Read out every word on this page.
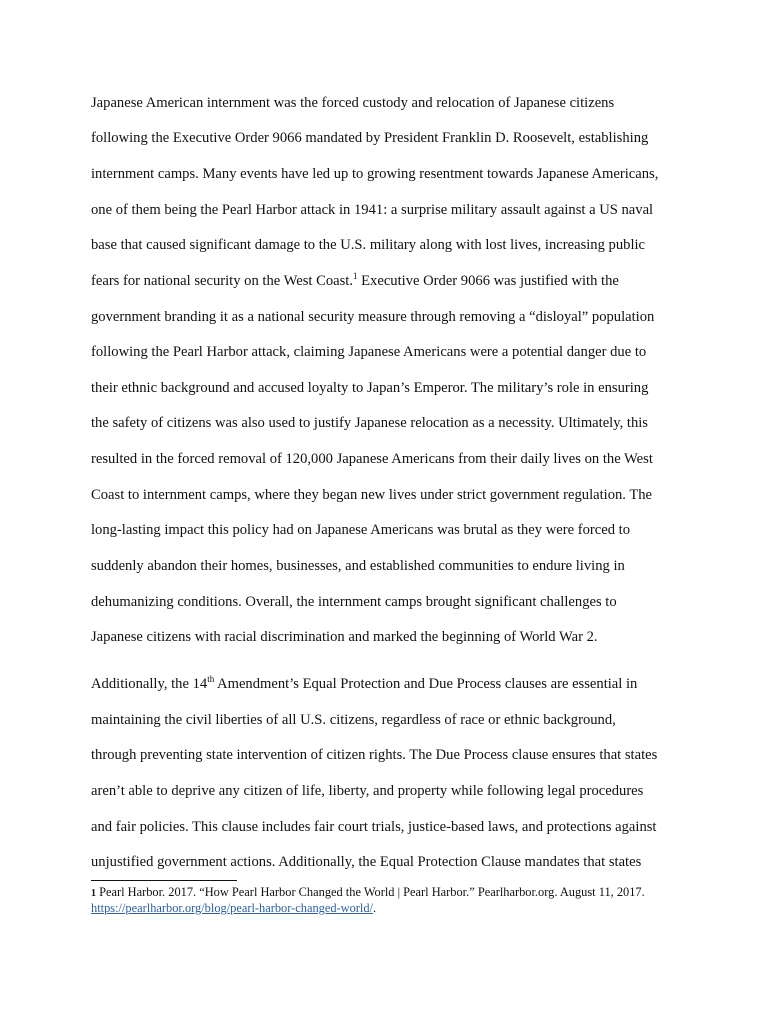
Japanese American internment was the forced custody and relocation of Japanese citizens
following the Executive Order 9066 mandated by President Franklin D. Roosevelt, establishing
internment camps. Many events have led up to growing resentment towards Japanese Americans,
one of them being the Pearl Harbor attack in 1941: a surprise military assault against a US naval
base that caused significant damage to the U.S. military along with lost lives, increasing public
fears for national security on the West Coast.$^1$ Executive Order 9066 was justified with the
government branding it as a national security measure through removing a “disloyal” population
following the Pearl Harbor attack, claiming Japanese Americans were a potential danger due to
their ethnic background and accused loyalty to Japan’s Emperor. The military’s role in ensuring
the safety of citizens was also used to justify Japanese relocation as a necessity. Ultimately, this
resulted in the forced removal of 120,000 Japanese Americans from their daily lives on the West
Coast to internment camps, where they began new lives under strict government regulation. The
long-lasting impact this policy had on Japanese Americans was brutal as they were forced to
suddenly abandon their homes, businesses, and established communities to endure living in
dehumanizing conditions. Overall, the internment camps brought significant challenges to
Japanese citizens with racial discrimination and marked the beginning of World War 2.
Additionally, the 14th Amendment’s Equal Protection and Due Process clauses are essential in
maintaining the civil liberties of all U.S. citizens, regardless of race or ethnic background,
through preventing state intervention of citizen rights. The Due Process clause ensures that states
aren’t able to deprive any citizen of life, liberty, and property while following legal procedures
and fair policies. This clause includes fair court trials, justice-based laws, and protections against
unjustified government actions. Additionally, the Equal Protection Clause mandates that states
1 Pearl Harbor. 2017. “How Pearl Harbor Changed the World | Pearl Harbor.” Pearlharbor.org. August 11, 2017.
https://pearlharbor.org/blog/pearl-harbor-changed-world/.
